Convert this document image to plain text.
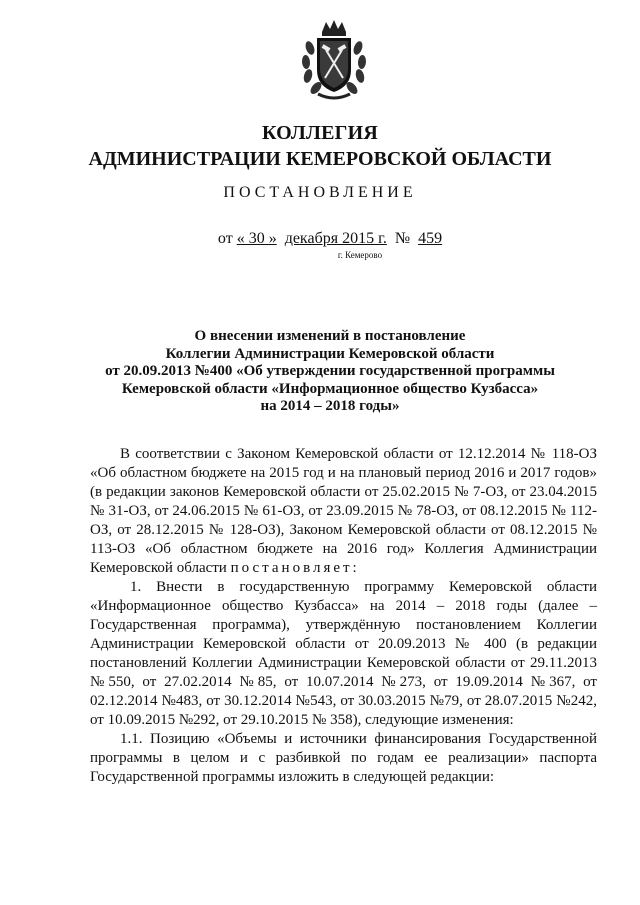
КОЛЛЕГИЯ
АДМИНИСТРАЦИИ КЕМЕРОВСКОЙ ОБЛАСТИ
ПОСТАНОВЛЕНИЕ
от « 30 » декабря 2015 г. № 459
г. Кемерово
О внесении изменений в постановление
Коллегии Администрации Кемеровской области
от 20.09.2013 №400 «Об утверждении государственной программы
Кемеровской области «Информационное общество Кузбасса»
на 2014 – 2018 годы»

В соответствии с Законом Кемеровской области от 12.12.2014 № 118-ОЗ «Об областном бюджете на 2015 год и на плановый период 2016 и 2017 годов» (в редакции законов Кемеровской области от 25.02.2015 № 7-ОЗ, от 23.04.2015 № 31-ОЗ, от 24.06.2015 № 61-ОЗ, от 23.09.2015 № 78-ОЗ, от 08.12.2015 № 112-ОЗ, от 28.12.2015 № 128-ОЗ), Законом Кемеровской области от 08.12.2015 № 113-ОЗ «Об областном бюджете на 2016 год» Коллегия Администрации Кемеровской области постановляет:

1. Внести в государственную программу Кемеровской области «Информационное общество Кузбасса» на 2014 – 2018 годы (далее – Государственная программа), утверждённую постановлением Коллегии Администрации Кемеровской области от 20.09.2013 № 400 (в редакции постановлений Коллегии Администрации Кемеровской области от 29.11.2013 №550, от 27.02.2014 №85, от 10.07.2014 №273, от 19.09.2014 №367, от 02.12.2014 №483, от 30.12.2014 №543, от 30.03.2015 №79, от 28.07.2015 №242, от 10.09.2015 №292, от 29.10.2015 № 358), следующие изменения:

1.1. Позицию «Объемы и источники финансирования Государственной программы в целом и с разбивкой по годам ее реализации» паспорта Государственной программы изложить в следующей редакции:
